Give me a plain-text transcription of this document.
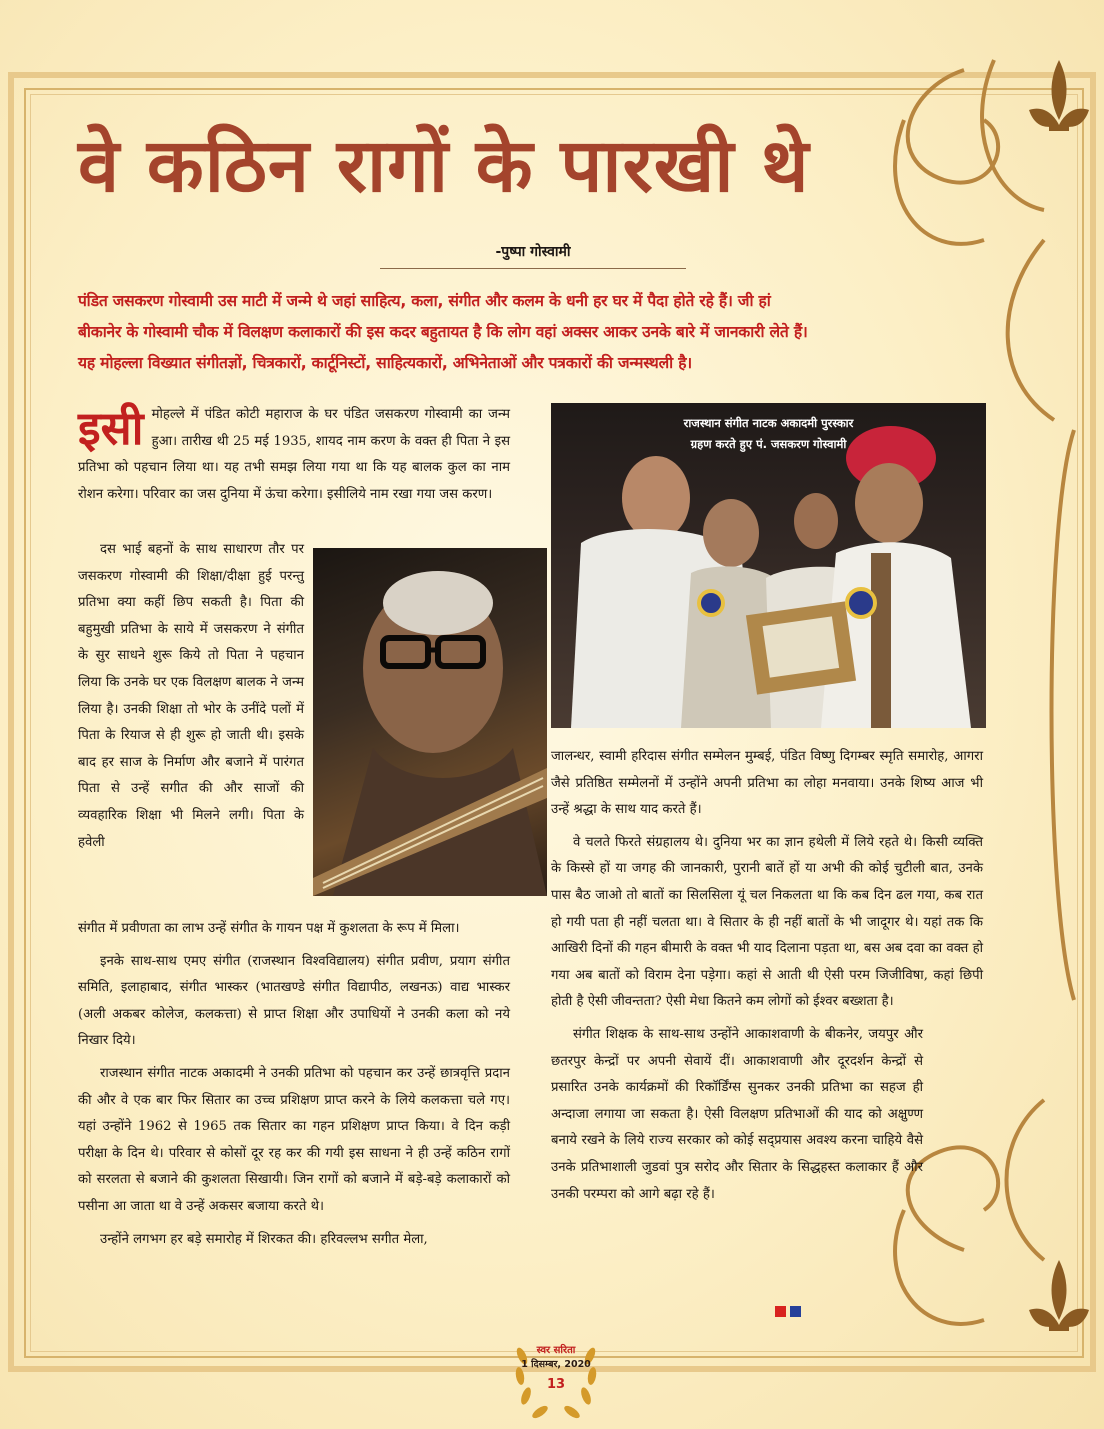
वे कठिन रागों के पारखी थे
-पुष्पा गोस्वामी
पंडित जसकरण गोस्वामी उस माटी में जन्मे थे जहां साहित्य, कला, संगीत और कलम के धनी हर घर में पैदा होते रहे हैं। जी हां
बीकानेर के गोस्वामी चौक में विलक्षण कलाकारों की इस कदर बहुतायत है कि लोग वहां अक्सर आकर उनके बारे में जानकारी लेते हैं।
यह मोहल्ला विख्यात संगीतज्ञों, चित्रकारों, कार्टूनिस्टों, साहित्यकारों, अभिनेताओं और पत्रकारों की जन्मस्थली है।
इसी मोहल्ले में पंडित कोटी महाराज के घर पंडित जसकरण गोस्वामी का जन्म हुआ। तारीख थी 25 मई 1935, शायद नाम करण के वक्त ही पिता ने इस प्रतिभा को पहचान लिया था। यह तभी समझ लिया गया था कि यह बालक कुल का नाम रोशन करेगा। परिवार का जस दुनिया में ऊंचा करेगा। इसीलिये नाम रखा गया जस करण।

दस भाई बहनों के साथ साधारण तौर पर जसकरण गोस्वामी की शिक्षा/दीक्षा हुई परन्तु प्रतिभा क्या कहीं छिप सकती है। पिता की बहुमुखी प्रतिभा के साये में जसकरण ने संगीत के सुर साधने शुरू किये तो पिता ने पहचान लिया कि उनके घर एक विलक्षण बालक ने जन्म लिया है। उनकी शिक्षा तो भोर के उनींदे पलों में पिता के रियाज से ही शुरू हो जाती थी। इसके बाद हर साज के निर्माण और बजाने में पारंगत पिता से उन्हें सगीत की और साजों की व्यवहारिक शिक्षा भी मिलने लगी। पिता के हवेली

संगीत में प्रवीणता का लाभ उन्हें संगीत के गायन पक्ष में कुशलता के रूप में मिला।

इनके साथ-साथ एमए संगीत (राजस्थान विश्वविद्यालय) संगीत प्रवीण, प्रयाग संगीत समिति, इलाहाबाद, संगीत भास्कर (भातखण्डे संगीत विद्यापीठ, लखनऊ) वाद्य भास्कर (अली अकबर कोलेज, कलकत्ता) से प्राप्त शिक्षा और उपाधियों ने उनकी कला को नये निखार दिये।

राजस्थान संगीत नाटक अकादमी ने उनकी प्रतिभा को पहचान कर उन्हें छात्रवृत्ति प्रदान की और वे एक बार फिर सितार का उच्च प्रशिक्षण प्राप्त करने के लिये कलकत्ता चले गए। यहां उन्होंने 1962 से 1965 तक सितार का गहन प्रशिक्षण प्राप्त किया। वे दिन कड़ी परीक्षा के दिन थे। परिवार से कोसों दूर रह कर की गयी इस साधना ने ही उन्हें कठिन रागों को सरलता से बजाने की कुशलता सिखायी। जिन रागों को बजाने में बड़े-बड़े कलाकारों को पसीना आ जाता था वे उन्हें अकसर बजाया करते थे।

उन्होंने लगभग हर बड़े समारोह में शिरकत की। हरिवल्लभ सगीत मेला,

राजस्थान संगीत नाटक अकादमी पुरस्कार
ग्रहण करते हुए पं. जसकरण गोस्वामी

जालन्धर, स्वामी हरिदास संगीत सम्मेलन मुम्बई, पंडित विष्णु दिगम्बर स्मृति समारोह, आगरा जैसे प्रतिष्ठित सम्मेलनों में उन्होंने अपनी प्रतिभा का लोहा मनवाया। उनके शिष्य आज भी उन्हें श्रद्धा के साथ याद करते हैं।

वे चलते फिरते संग्रहालय थे। दुनिया भर का ज्ञान हथेली में लिये रहते थे। किसी व्यक्ति के किस्से हों या जगह की जानकारी, पुरानी बातें हों या अभी की कोई चुटीली बात, उनके पास बैठ जाओ तो बातों का सिलसिला यूं चल निकलता था कि कब दिन ढल गया, कब रात हो गयी पता ही नहीं चलता था। वे सितार के ही नहीं बातों के भी जादूगर थे। यहां तक कि आखिरी दिनों की गहन बीमारी के वक्त भी याद दिलाना पड़ता था, बस अब दवा का वक्त हो गया अब बातों को विराम देना पड़ेगा। कहां से आती थी ऐसी परम जिजीविषा, कहां छिपी होती है ऐसी जीवन्तता? ऐसी मेधा कितने कम लोगों को ईश्वर बख्शता है।

संगीत शिक्षक के साथ-साथ उन्होंने आकाशवाणी के बीकनेर, जयपुर और छतरपुर केन्द्रों पर अपनी सेवायें दीं। आकाशवाणी और दूरदर्शन केन्द्रों से प्रसारित उनके कार्यक्रमों की रिकॉर्डिंग्स सुनकर उनकी प्रतिभा का सहज ही अन्दाजा लगाया जा सकता है। ऐसी विलक्षण प्रतिभाओं की याद को अक्षुण्ण बनाये रखने के लिये राज्य सरकार को कोई सद्प्रयास अवश्य करना चाहिये वैसे उनके प्रतिभाशाली जुडवां पुत्र सरोद और सितार के सिद्धहस्त कलाकार हैं और उनकी परम्परा को आगे बढ़ा रहे हैं।

स्वर सरिता
1 दिसम्बर, 2020
13
